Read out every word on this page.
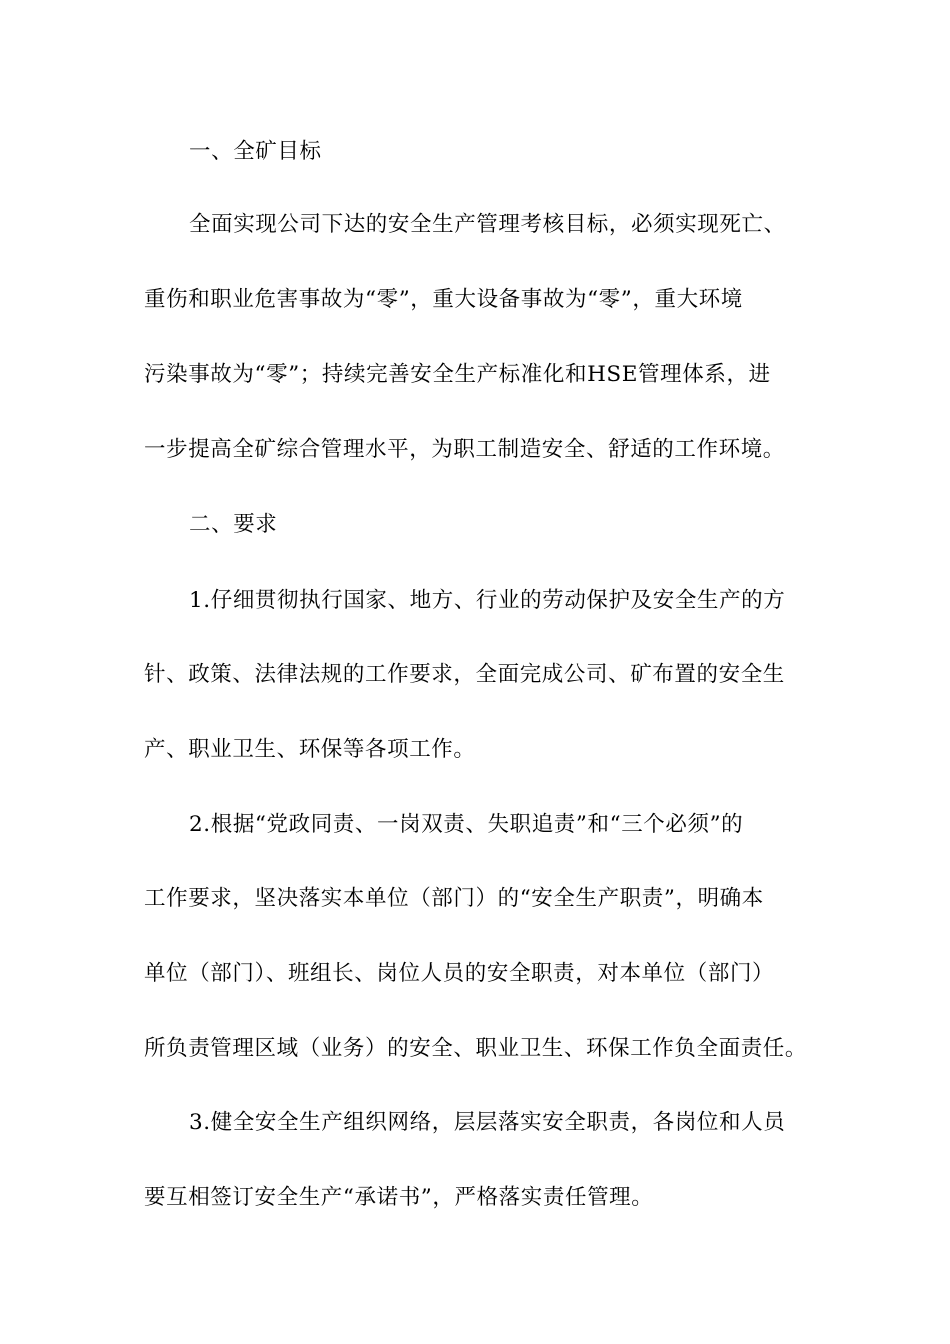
一、全矿目标
全面实现公司下达的安全生产管理考核目标，必须实现死亡、
重伤和职业危害事故为“零”，重大设备事故为“零”，重大环境
污染事故为“零”；持续完善安全生产标准化和HSE管理体系，进
一步提高全矿综合管理水平，为职工制造安全、舒适的工作环境。
二、要求
1.仔细贯彻执行国家、地方、行业的劳动保护及安全生产的方
针、政策、法律法规的工作要求，全面完成公司、矿布置的安全生
产、职业卫生、环保等各项工作。
2.根据“党政同责、一岗双责、失职追责”和“三个必须”的
工作要求，坚决落实本单位（部门）的“安全生产职责”，明确本
单位（部门）、班组长、岗位人员的安全职责，对本单位（部门）
所负责管理区域（业务）的安全、职业卫生、环保工作负全面责任。
3.健全安全生产组织网络，层层落实安全职责，各岗位和人员
要互相签订安全生产“承诺书”，严格落实责任管理。
